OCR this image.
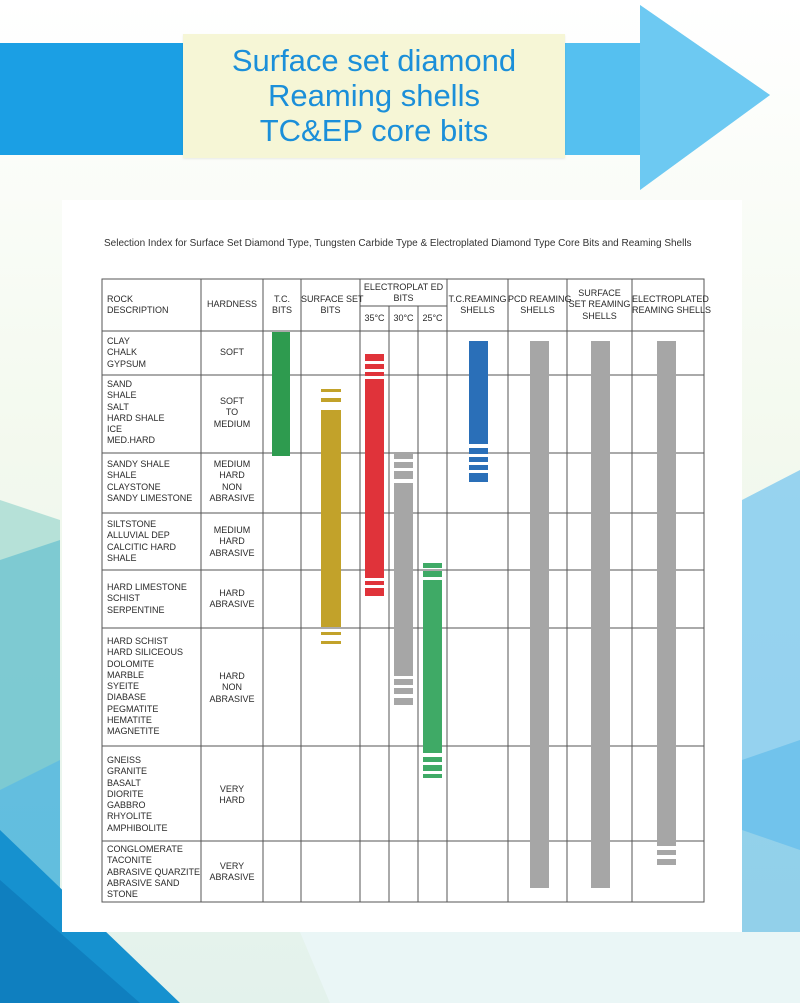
Surface set diamond
Reaming shells
TC&EP core bits
Selection Index for Surface Set Diamond Type, Tungsten Carbide Type & Electroplated Diamond Type Core Bits and Reaming Shells
ROCK
DESCRIPTION
HARDNESS	T.C.
BITS
SURFACE SET
BITS
ELECTROPLAT ED
BITS
35°C 30°C 25°C
T.C.REAMING
SHELLS
PCD REAMING
SHELLS
SURFACE
SET REAMING
SHELLS
ELECTROPLATED
REAMING SHELLS
CLAY
CHALK
GYPSUM
SOFT
SAND
SHALE
SALT
HARD SHALE
ICE
MED.HARD
SOFT
TO
MEDIUM
SANDY SHALE
SHALE
CLAYSTONE
SANDY LIMESTONE
MEDIUM
HARD
NON
ABRASIVE
SILTSTONE
ALLUVIAL DEP
CALCITIC HARD
SHALE
MEDIUM
HARD
ABRASIVE
HARD LIMESTONE
SCHIST
SERPENTINE
HARD
ABRASIVE
HARD SCHIST
HARD SILICEOUS
DOLOMITE
MARBLE
SYEITE
DIABASE
PEGMATITE
HEMATITE
MAGNETITE
HARD
NON
ABRASIVE
GNEISS
GRANITE
BASALT
DIORITE
GABBRO
RHYOLITE
AMPHIBOLITE
VERY
HARD
CONGLOMERATE
TACONITE
ABRASIVE QUARZITE
ABRASIVE SAND
STONE
VERY
ABRASIVE
